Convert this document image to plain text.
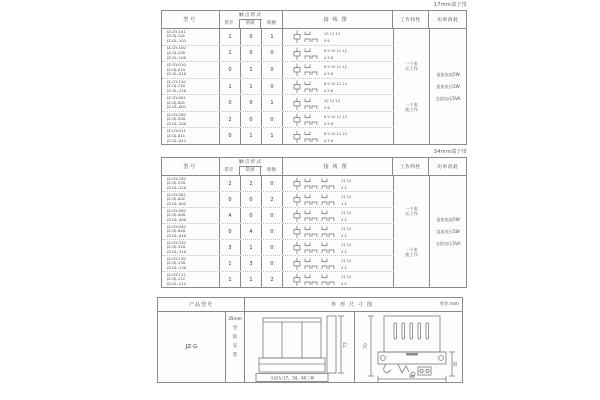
17mm端子排
型号
触点形式
常开	常闭	转换
接线图	工作特性	功率消耗
JZ-GY-101
JZ-GJ-101
JZ-GL-101
1	0	1	10 11 12
5 6
JZ-GY-100
JZ-GJ-100
JZ-GL-100
1	0	0	8 9 10 11 12
4 5 6
JZ-GY-010
JZ-GJ-010
JZ-GL-010
0	1	0	8 9 10 11 12
4 5 6
JZ-GY-110
JZ-GJ-110
JZ-GL-110
1	1	0	8 9 10 11 12
4 5 6
JZ-GY-001
JZ-GJ-001
JZ-GL-001
0	0	1	10 11 12
5 6
JZ-GY-200
JZ-GJ-200
JZ-GL-200
2	0	0	8 9 10 11 12
4 5 6
JZ-GY-011
JZ-GJ-011
JZ-GL-011
0	1	1	8 9 10 11 12
4 5 6
一个电
压工作
一个电
流工作
直流电流5W
直流电压5W
交流电压5VA
34mm端子排
型号
触点形式
常开	常闭	转换
接线图	工作特性	功率消耗
JZ-GY-220
JZ-GJ-220
JZ-GL-220
2	2	0	11 12
4 5
JZ-GY-002
JZ-GJ-002
JZ-GL-002
0	0	2	11 12
1 4
JZ-GY-400
JZ-GJ-400
JZ-GL-400
4	0	0	11 12
4 5
JZ-GY-040
JZ-GJ-040
JZ-GL-040
0	4	0	11 12
4 5
JZ-GY-310
JZ-GJ-310
JZ-GL-310
3	1	0	11 12
4 5
JZ-GY-130
JZ-GJ-130
JZ-GL-130
1	3	0	11 12
4 5
JZ-GY-112
JZ-GJ-112
JZ-GL-112
1	1	2	11 12
4 5
一个电
压工作
一个电
流工作
直流电流5W
直流电压5W
交流电压5VA
产品型号	外形尺寸图	单位:mm
JZ-G
35mm
导
轨
安
装
72
分别为:17、34、60三种
70
90
35
